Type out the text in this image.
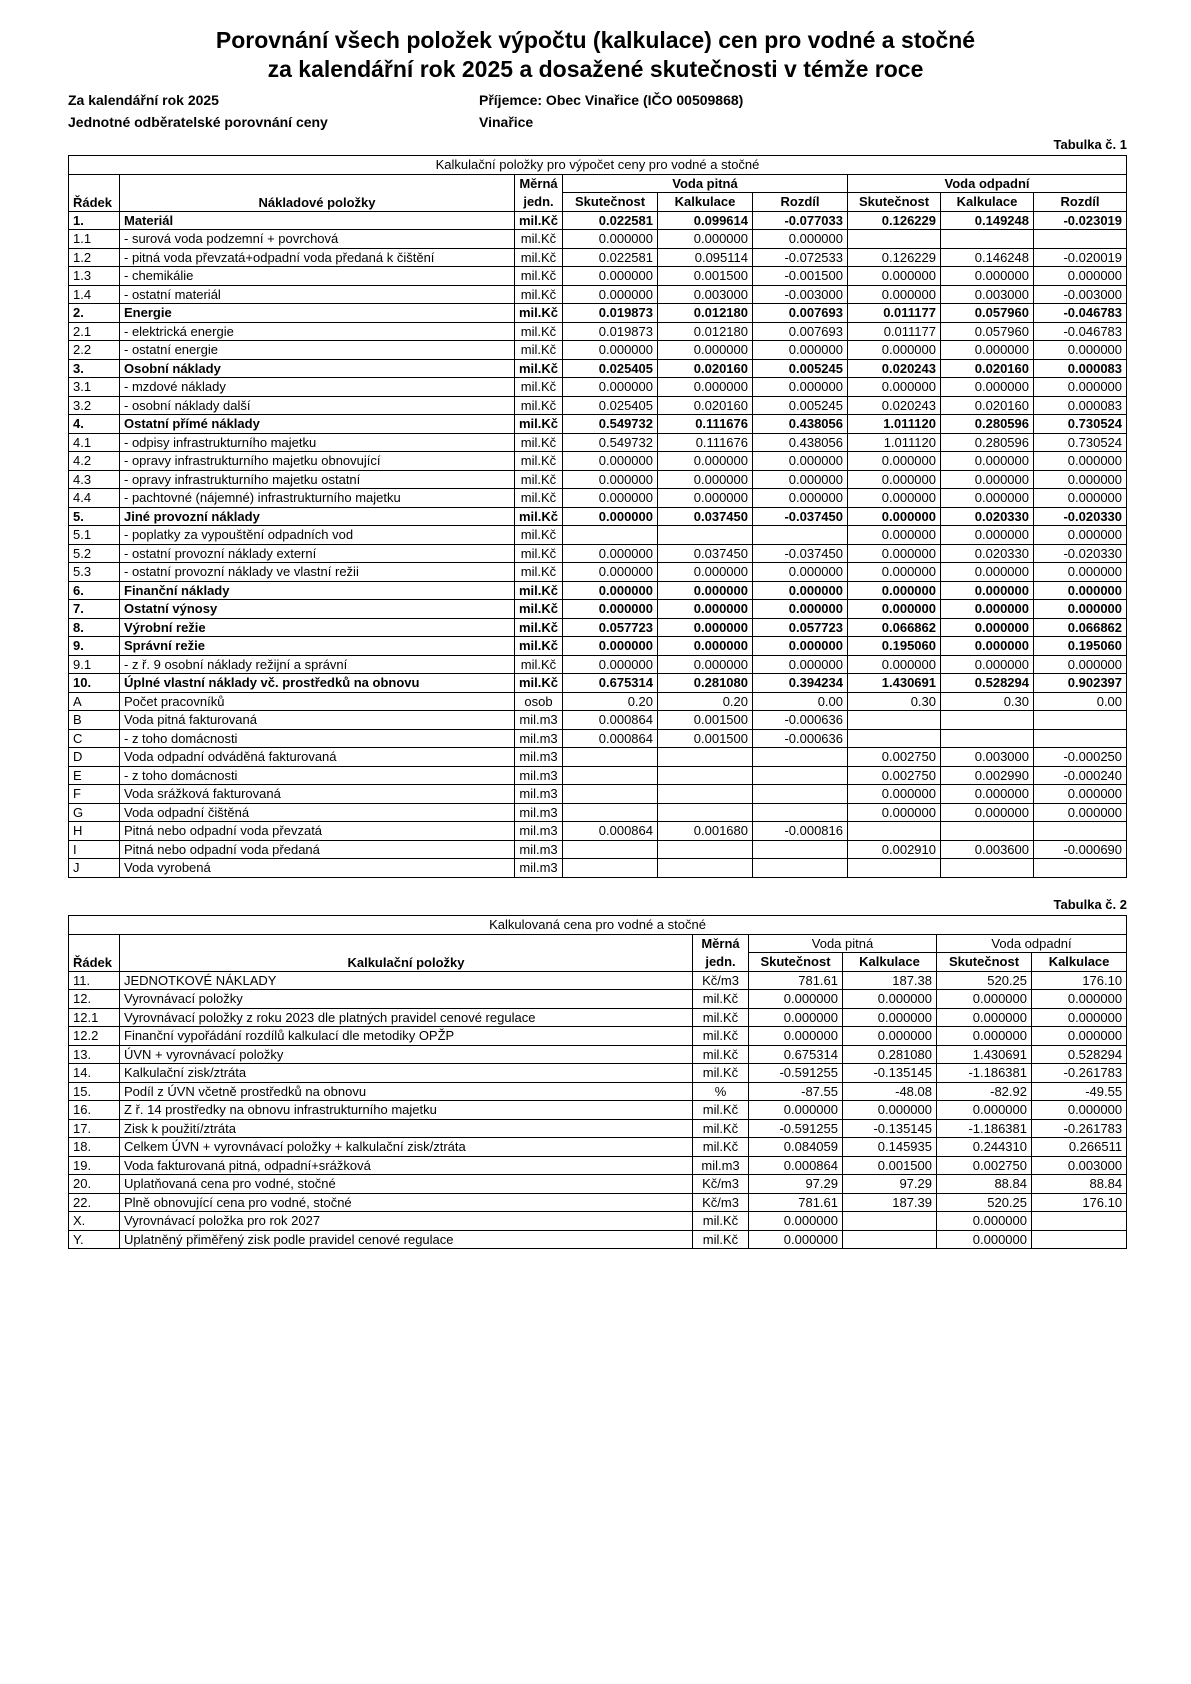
Porovnání všech položek výpočtu (kalkulace) cen pro vodné a stočné
za kalendářní rok 2025 a dosažené skutečnosti v témže roce
Za kalendářní rok 2025	Příjemce: Obec Vinařice (IČO 00509868)
Jednotné odběratelské porovnání ceny	Vinařice
Tabulka č. 1
Kalkulační položky pro výpočet ceny pro vodné a stočné								
Řádek	Nákladové položky	Měrná	Voda pitná			Voda odpadní		
		jedn.	Skutečnost	Kalkulace	Rozdíl	Skutečnost	Kalkulace	Rozdíl
1.	Materiál	mil.Kč	0.022581	0.099614	-0.077033	0.126229	0.149248	-0.023019
1.1	- surová voda podzemní + povrchová	mil.Kč	0.000000	0.000000	0.000000			
1.2	- pitná voda převzatá+odpadní voda předaná k čištění	mil.Kč	0.022581	0.095114	-0.072533	0.126229	0.146248	-0.020019
1.3	- chemikálie	mil.Kč	0.000000	0.001500	-0.001500	0.000000	0.000000	0.000000
1.4	- ostatní materiál	mil.Kč	0.000000	0.003000	-0.003000	0.000000	0.003000	-0.003000
2.	Energie	mil.Kč	0.019873	0.012180	0.007693	0.011177	0.057960	-0.046783
2.1	- elektrická energie	mil.Kč	0.019873	0.012180	0.007693	0.011177	0.057960	-0.046783
2.2	- ostatní energie	mil.Kč	0.000000	0.000000	0.000000	0.000000	0.000000	0.000000
3.	Osobní náklady	mil.Kč	0.025405	0.020160	0.005245	0.020243	0.020160	0.000083
3.1	- mzdové náklady	mil.Kč	0.000000	0.000000	0.000000	0.000000	0.000000	0.000000
3.2	- osobní náklady další	mil.Kč	0.025405	0.020160	0.005245	0.020243	0.020160	0.000083
4.	Ostatní přímé náklady	mil.Kč	0.549732	0.111676	0.438056	1.011120	0.280596	0.730524
4.1	- odpisy infrastrukturního majetku	mil.Kč	0.549732	0.111676	0.438056	1.011120	0.280596	0.730524
4.2	- opravy infrastrukturního majetku obnovující	mil.Kč	0.000000	0.000000	0.000000	0.000000	0.000000	0.000000
4.3	- opravy infrastrukturního majetku ostatní	mil.Kč	0.000000	0.000000	0.000000	0.000000	0.000000	0.000000
4.4	- pachtovné (nájemné) infrastrukturního majetku	mil.Kč	0.000000	0.000000	0.000000	0.000000	0.000000	0.000000
5.	Jiné provozní náklady	mil.Kč	0.000000	0.037450	-0.037450	0.000000	0.020330	-0.020330
5.1	- poplatky za vypouštění odpadních vod	mil.Kč				0.000000	0.000000	0.000000
5.2	- ostatní provozní náklady externí	mil.Kč	0.000000	0.037450	-0.037450	0.000000	0.020330	-0.020330
5.3	- ostatní provozní náklady ve vlastní režii	mil.Kč	0.000000	0.000000	0.000000	0.000000	0.000000	0.000000
6.	Finanční náklady	mil.Kč	0.000000	0.000000	0.000000	0.000000	0.000000	0.000000
7.	Ostatní výnosy	mil.Kč	0.000000	0.000000	0.000000	0.000000	0.000000	0.000000
8.	Výrobní režie	mil.Kč	0.057723	0.000000	0.057723	0.066862	0.000000	0.066862
9.	Správní režie	mil.Kč	0.000000	0.000000	0.000000	0.195060	0.000000	0.195060
9.1	- z ř. 9 osobní náklady režijní a správní	mil.Kč	0.000000	0.000000	0.000000	0.000000	0.000000	0.000000
10.	Úplné vlastní náklady vč. prostředků na obnovu	mil.Kč	0.675314	0.281080	0.394234	1.430691	0.528294	0.902397
A	Počet pracovníků	osob	0.20	0.20	0.00	0.30	0.30	0.00
B	Voda pitná fakturovaná	mil.m3	0.000864	0.001500	-0.000636			
C	- z toho domácnosti	mil.m3	0.000864	0.001500	-0.000636			
D	Voda odpadní odváděná fakturovaná	mil.m3				0.002750	0.003000	-0.000250
E	- z toho domácnosti	mil.m3				0.002750	0.002990	-0.000240
F	Voda srážková fakturovaná	mil.m3				0.000000	0.000000	0.000000
G	Voda odpadní čištěná	mil.m3				0.000000	0.000000	0.000000
H	Pitná nebo odpadní voda převzatá	mil.m3	0.000864	0.001680	-0.000816			
I	Pitná nebo odpadní voda předaná	mil.m3				0.002910	0.003600	-0.000690
J	Voda vyrobená	mil.m3						
Tabulka č. 2
Kalkulovaná cena pro vodné a stočné						
Řádek	Kalkulační položky	Měrná	Voda pitná		Voda odpadní	
		jedn.	Skutečnost	Kalkulace	Skutečnost	Kalkulace
11.	JEDNOTKOVÉ NÁKLADY	Kč/m3	781.61	187.38	520.25	176.10
12.	Vyrovnávací položky	mil.Kč	0.000000	0.000000	0.000000	0.000000
12.1	Vyrovnávací položky z roku 2023 dle platných pravidel cenové regulace	mil.Kč	0.000000	0.000000	0.000000	0.000000
12.2	Finanční vypořádání rozdílů kalkulací dle metodiky OPŽP	mil.Kč	0.000000	0.000000	0.000000	0.000000
13.	ÚVN + vyrovnávací položky	mil.Kč	0.675314	0.281080	1.430691	0.528294
14.	Kalkulační zisk/ztráta	mil.Kč	-0.591255	-0.135145	-1.186381	-0.261783
15.	Podíl z ÚVN včetně prostředků na obnovu	%	-87.55	-48.08	-82.92	-49.55
16.	Z ř. 14 prostředky na obnovu infrastrukturního majetku	mil.Kč	0.000000	0.000000	0.000000	0.000000
17.	Zisk k použití/ztráta	mil.Kč	-0.591255	-0.135145	-1.186381	-0.261783
18.	Celkem ÚVN + vyrovnávací položky + kalkulační zisk/ztráta	mil.Kč	0.084059	0.145935	0.244310	0.266511
19.	Voda fakturovaná pitná, odpadní+srážková	mil.m3	0.000864	0.001500	0.002750	0.003000
20.	Uplatňovaná cena pro vodné, stočné	Kč/m3	97.29	97.29	88.84	88.84
22.	Plně obnovující cena pro vodné, stočné	Kč/m3	781.61	187.39	520.25	176.10
X.	Vyrovnávací položka pro rok 2027	mil.Kč	0.000000		0.000000	
Y.	Uplatněný přiměřený zisk podle pravidel cenové regulace	mil.Kč	0.000000		0.000000	
